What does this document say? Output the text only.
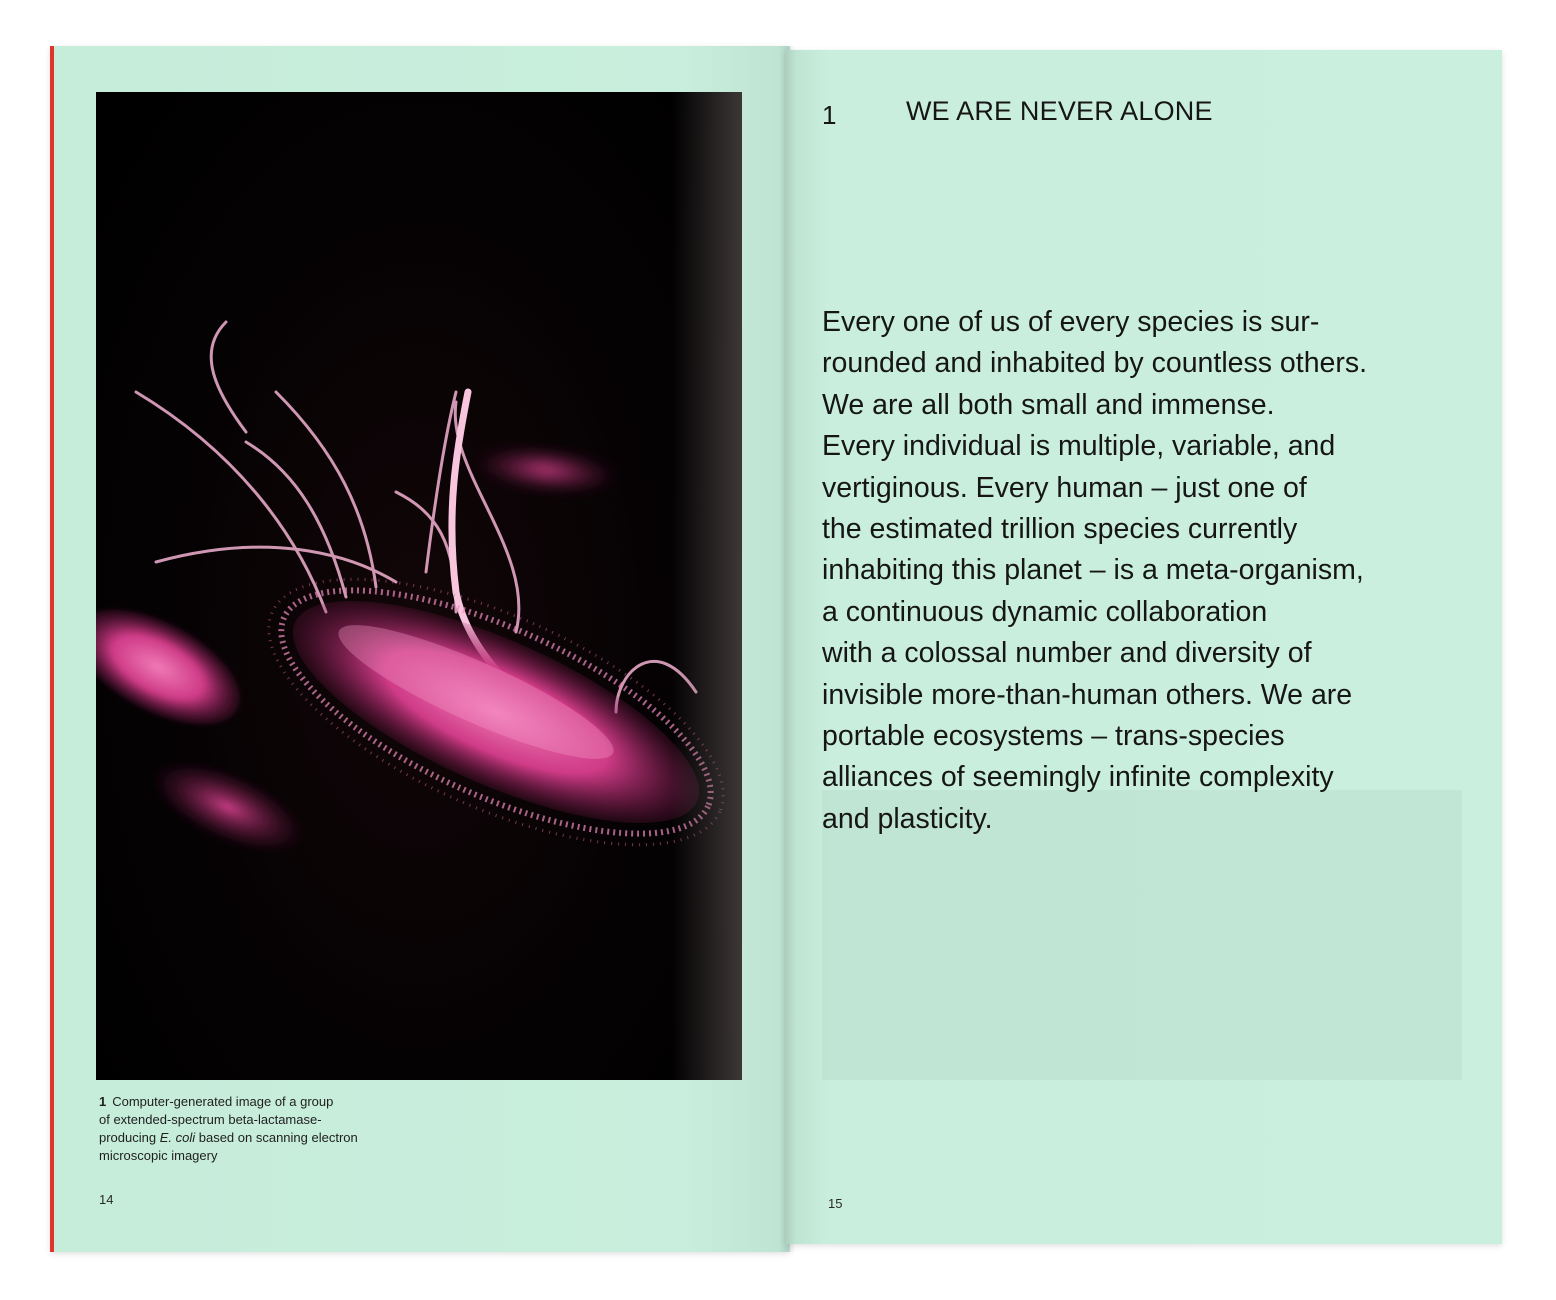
1 Computer-generated image of a group
of extended-spectrum beta-lactamase-
producing E. coli based on scanning electron
microscopic imagery
14
1	WE ARE NEVER ALONE
Every one of us of every species is sur-
rounded and inhabited by countless others.
We are all both small and immense.
Every individual is multiple, variable, and
vertiginous. Every human – just one of
the estimated trillion species currently
inhabiting this planet – is a meta-organism,
a continuous dynamic collaboration
with a colossal number and diversity of
invisible more-than-human others. We are
portable ecosystems – trans-species
alliances of seemingly infinite complexity
and plasticity.
15
